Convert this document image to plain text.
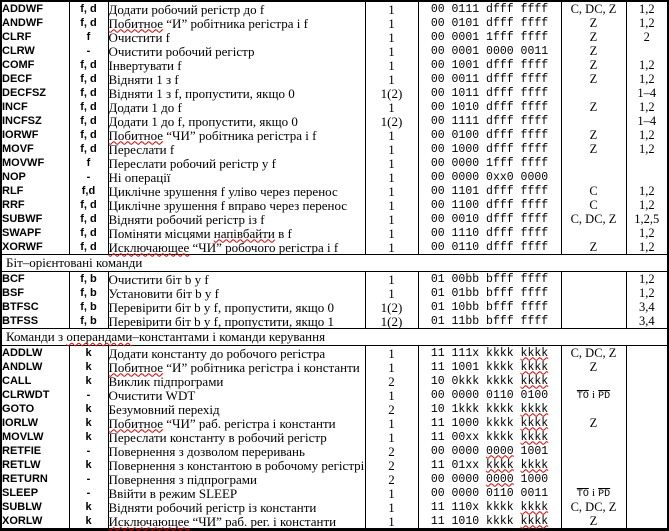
ADDWF	f, d	Додати робочий регістр до f	1	00 0111 dfff ffff	C, DC, Z	1,2
ANDWF	f, d	Побитное “И” робітника регістра і f	1	00 0101 dfff ffff	Z	1,2
CLRF	f	Очистити f	1	00 0001 1fff ffff	Z	2
CLRW	-	Очистити робочий регістр	1	00 0001 0000 0011	Z	
COMF	f, d	Інвертувати f	1	00 1001 dfff ffff	Z	1,2
DECF	f, d	Відняти 1 з f	1	00 0011 dfff ffff	Z	1,2
DECFSZ	f, d	Відняти 1 з f, пропустити, якщо 0	1(2)	00 1011 dfff ffff		1–4
INCF	f, d	Додати 1 до f	1	00 1010 dfff ffff	Z	1,2
INCFSZ	f, d	Додати 1 до f, пропустити, якщо 0	1(2)	00 1111 dfff ffff		1–4
IORWF	f, d	Побитное “ЧИ” робітника регістра і f	1	00 0100 dfff ffff	Z	1,2
MOVF	f, d	Переслати f	1	00 1000 dfff ffff	Z	1,2
MOVWF	f	Переслати робочий регістр у f	1	00 0000 1fff ffff		
NOP	-	Ні операції	1	00 0000 0xx0 0000		
RLF	f,d	Циклічне зрушення f уліво через перенос	1	00 1101 dfff ffff	C	1,2
RRF	f, d	Циклічне зрушення f вправо через перенос	1	00 1100 dfff ffff	C	1,2
SUBWF	f, d	Відняти робочий регістр із f	1	00 0010 dfff ffff	C, DC, Z	1,2,5
SWAPF	f, d	Поміняти місцями напівбайти в f	1	00 1110 dfff ffff		1,2
XORWF	f, d	Исключающее “ЧИ” робочого регістра і f	1	00 0110 dfff ffff	Z	1,2
Біт–орієнтовані команди						
BCF	f, b	Очистити біт b у f	1	01 00bb bfff ffff		1,2
BSF	f, b	Установити біт b у f	1	01 01bb bfff ffff		1,2
BTFSC	f, b	Перевірити біт b у f, пропустити, якщо 0	1(2)	01 10bb bfff ffff		3,4
BTFSS	f, b	Перевірити біт b у f, пропустити, якщо 1	1(2)	01 11bb bfff ffff		3,4
Команди з операндами–константами і команди керування						
ADDLW	k	Додати константу до робочого регістра	1	11 111x kkkk kkkk	C, DC, Z	
ANDLW	k	Побитное “И” робітника регістра і константи	1	11 1001 kkkk kkkk	Z	
CALL	k	Виклик підпрограми	2	10 0kkk kkkk kkkk		
CLRWDT	-	Очистити WDT	1	00 0000 0110 0100	$\overline{TO}$ і $\overline{PD}$	
GOTO	k	Безумовний перехід	2	10 1kkk kkkk kkkk		
IORLW	k	Побитное “ЧИ” раб. регістра і константи	1	11 1000 kkkk kkkk	Z	
MOVLW	k	Переслати константу в робочий регістр	1	11 00xx kkkk kkkk		
RETFIE	-	Повернення з дозволом переривань	2	00 0000 0000 1001		
RETLW	k	Повернення з константою в робочому регістрі	2	11 01xx kkkk kkkk		
RETURN	-	Повернення з підпрограми	2	00 0000 0000 1000		
SLEEP	-	Ввійти в режим SLEEP	1	00 0000 0110 0011	$\overline{TO}$ і $\overline{PD}$	
SUBLW	k	Відняти робочий регістр із константи	1	11 110x kkkk kkkk	C, DC, Z	
XORLW	k	Исключающее “ЧИ” раб. рег. і константи	1	11 1010 kkkk kkkk	Z	
